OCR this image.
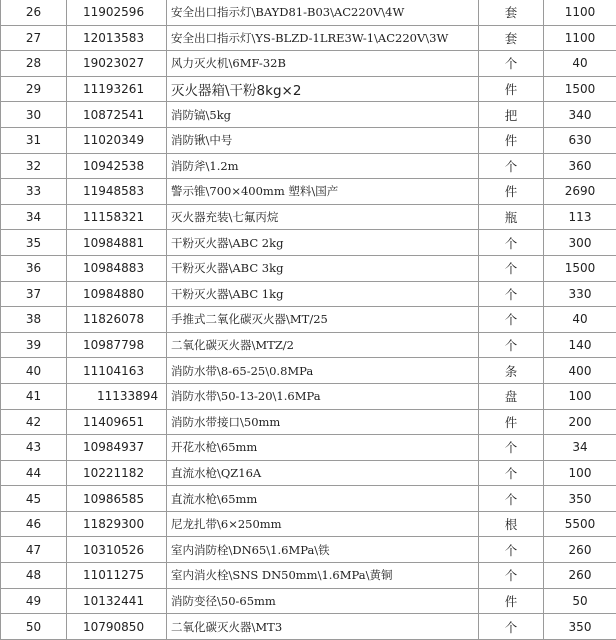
26	11902596	安全出口指示灯\BAYD81-B03\AC220V\4W	套	1100
27	12013583	安全出口指示灯\YS-BLZD-1LRE3W-1\AC220V\3W	套	1100
28	19023027	风力灭火机\6MF-32B	个	40
29	11193261	灭火器箱\干粉8kg×2	件	1500
30	10872541	消防镐\5kg	把	340
31	11020349	消防锹\中号	件	630
32	10942538	消防斧\1.2m	个	360
33	11948583	警示锥\700×400mm 塑料\国产	件	2690
34	11158321	灭火器充装\七氟丙烷	瓶	113
35	10984881	干粉灭火器\ABC 2kg	个	300
36	10984883	干粉灭火器\ABC 3kg	个	1500
37	10984880	干粉灭火器\ABC 1kg	个	330
38	11826078	手推式二氧化碳灭火器\MT/25	个	40
39	10987798	二氧化碳灭火器\MTZ/2	个	140
40	11104163	消防水带\8-65-25\0.8MPa	条	400
41	11133894	消防水带\50-13-20\1.6MPa	盘	100
42	11409651	消防水带接口\50mm	件	200
43	10984937	开花水枪\65mm	个	34
44	10221182	直流水枪\QZ16A	个	100
45	10986585	直流水枪\65mm	个	350
46	11829300	尼龙扎带\6×250mm	根	5500
47	10310526	室内消防栓\DN65\1.6MPa\铁	个	260
48	11011275	室内消火栓\SNS DN50mm\1.6MPa\黄铜	个	260
49	10132441	消防变径\50-65mm	件	50
50	10790850	二氧化碳灭火器\MT3	个	350
